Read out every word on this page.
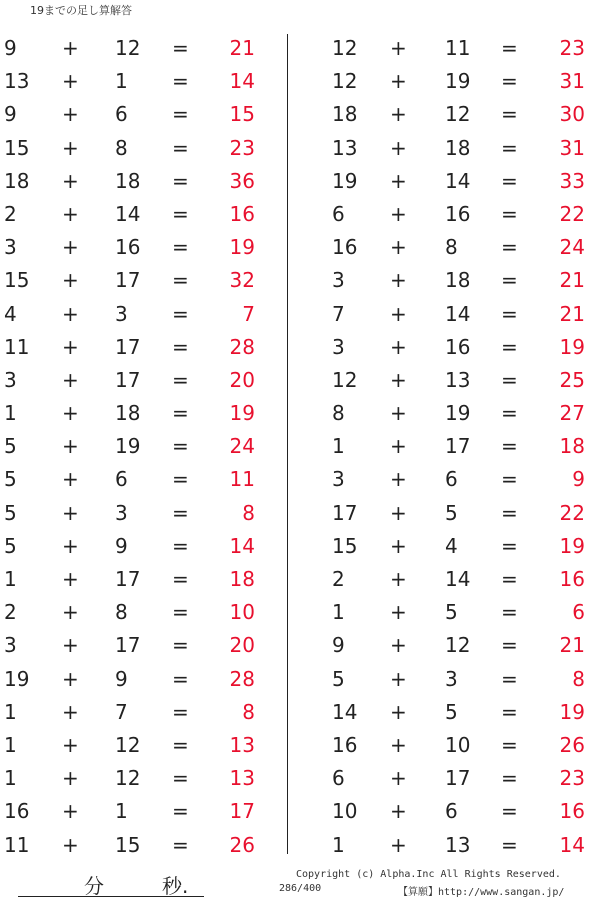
19までの足し算解答
9 + 12 = 21
13 + 1 = 14
9 + 6 = 15
15 + 8 = 23
18 + 18 = 36
2 + 14 = 16
3 + 16 = 19
15 + 17 = 32
4 + 3 =	7
11 + 17 = 28
3 + 17 = 20
1 + 18 = 19
5 + 19 = 24
5 + 6 = 11
5 + 3 =	8
5 + 9 = 14
1 + 17 = 18
2 + 8 = 10
3 + 17 = 20
19 + 9 = 28
1 + 7 =	8
1 + 12 = 13
1 + 12 = 13
16 + 1 = 17
11 + 15 = 26
12 + 11 = 23
12 + 19 = 31
18 + 12 = 30
13 + 18 = 31
19 + 14 = 33
6 + 16 = 22
16 + 8 = 24
3 + 18 = 21
7 + 14 = 21
3 + 16 = 19
12 + 13 = 25
8 + 19 = 27
1 + 17 = 18
3 + 6 =	9
17 + 5 = 22
15 + 4 = 19
2 + 14 = 16
1 + 5 =	6
9 + 12 = 21
5 + 3 =	8
14 + 5 = 19
16 + 10 = 26
6 + 17 = 23
10 + 6 = 16
1 + 13 = 14
分	秒.	Copyright (c) Alpha.Inc All Rights Reserved.
286/400	【算願】http://www.sangan.jp/
